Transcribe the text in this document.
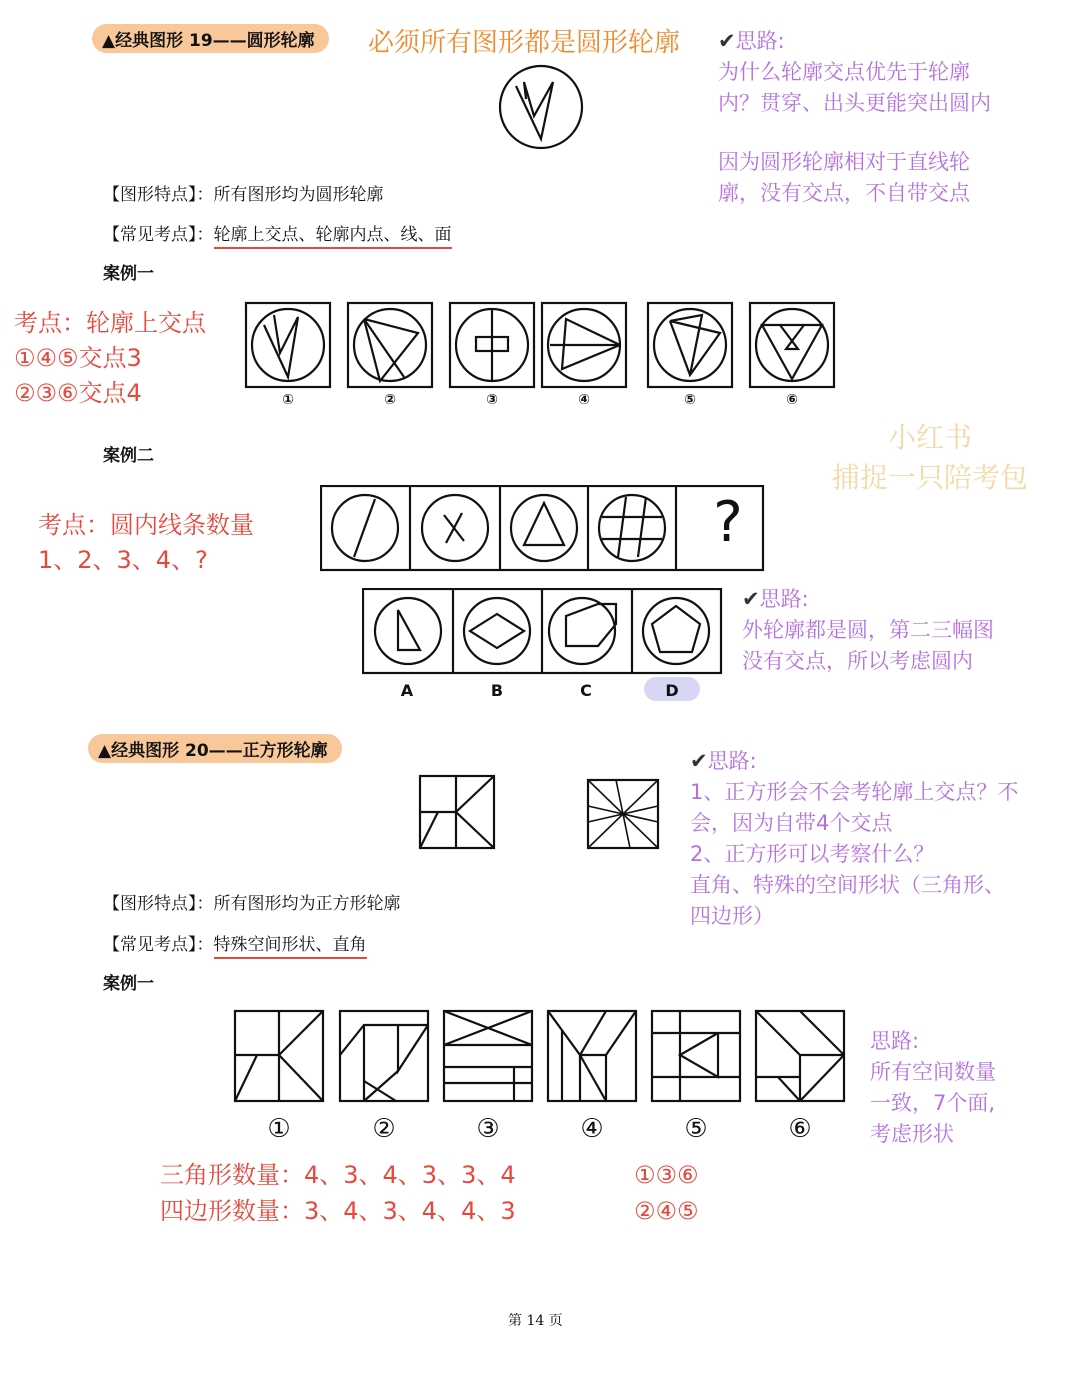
▲经典图形 19——圆形轮廓	必须所有图形都是圆形轮廓 ✔思路:
为什么轮廓交点优先于轮廓
内？贯穿、出头更能突出圆内
因为圆形轮廓相对于直线轮
廓，没有交点，不自带交点
【图形特点】：所有图形均为圆形轮廓
【常见考点】：轮廓上交点、轮廓内点、线、面
案例一
考点：轮廓上交点
①④⑤交点3
②③⑥交点4	①	②	③	④	⑤	⑥
小红书
捕捉一只陪考包
案例二
考点：圆内线条数量
1、2、3、4、?
?
A	B	C	D
✔思路:
外轮廓都是圆，第二三幅图
没有交点，所以考虑圆内
▲经典图形 20——正方形轮廓	✔思路:
1、正方形会不会考轮廓上交点？不
会，因为自带4个交点
2、正方形可以考察什么？
直角、特殊的空间形状（三角形、
四边形）
【图形特点】：所有图形均为正方形轮廓
【常见考点】：特殊空间形状、直角
案例一
①	②	③	④	⑤	⑥
思路:
所有空间数量
一致，7个面,
考虑形状
三角形数量：4、3、4、3、3、4
四边形数量：3、4、3、4、4、3
①③⑥
②④⑤
第 14 页
